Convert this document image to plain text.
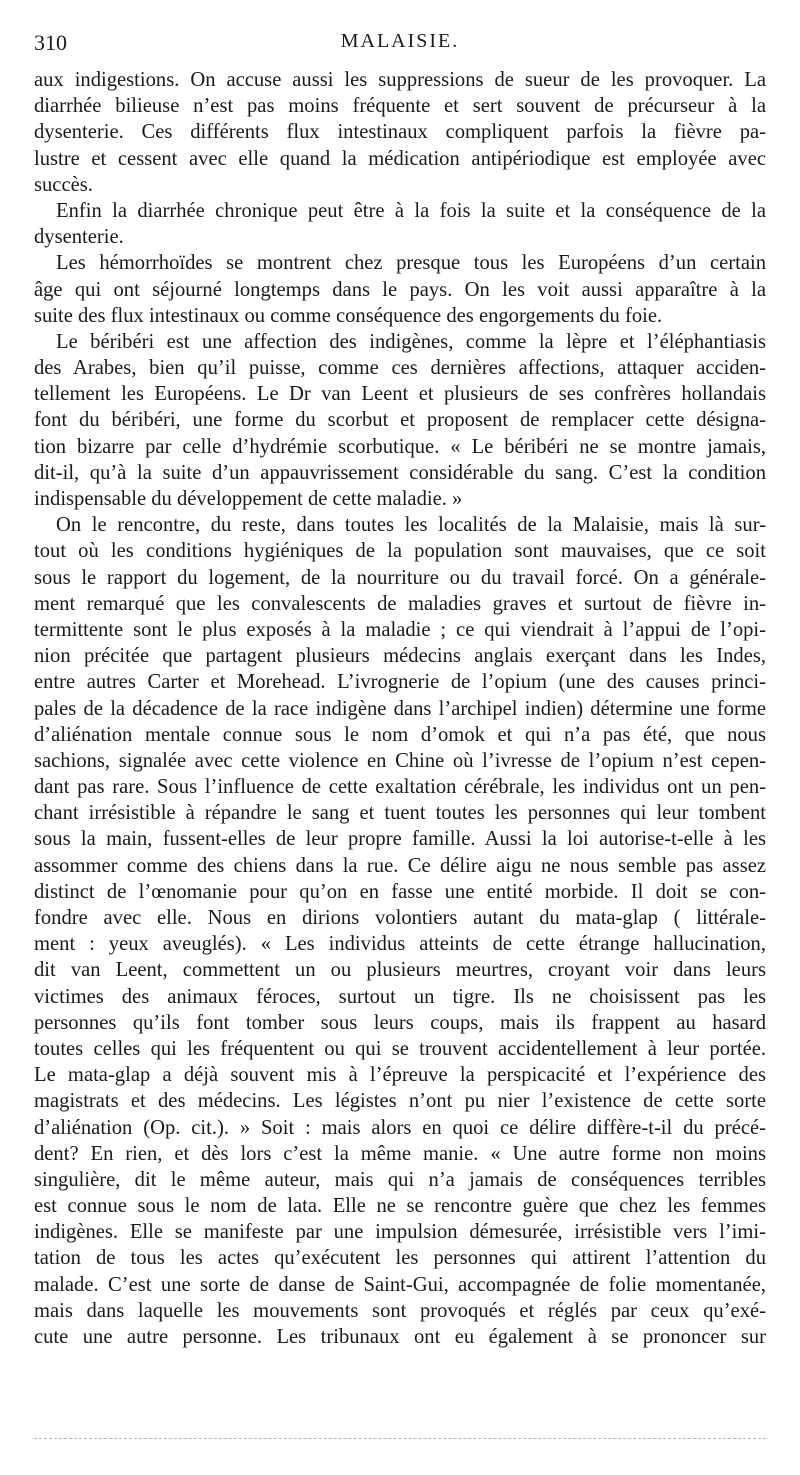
310	MALAISIE.
aux indigestions. On accuse aussi les suppressions de sueur de les provoquer. La
diarrhée bilieuse n’est pas moins fréquente et sert souvent de précurseur à la
dysenterie. Ces différents flux intestinaux compliquent parfois la fièvre pa-
lustre et cessent avec elle quand la médication antipériodique est employée avec
succès.
Enfin la diarrhée chronique peut être à la fois la suite et la conséquence de la
dysenterie.
Les hémorrhoïdes se montrent chez presque tous les Européens d’un certain
âge qui ont séjourné longtemps dans le pays. On les voit aussi apparaître à la
suite des flux intestinaux ou comme conséquence des engorgements du foie.
Le béribéri est une affection des indigènes, comme la lèpre et l’éléphantiasis
des Arabes, bien qu’il puisse, comme ces dernières affections, attaquer acciden-
tellement les Européens. Le Dr van Leent et plusieurs de ses confrères hollandais
font du béribéri, une forme du scorbut et proposent de remplacer cette désigna-
tion bizarre par celle d’hydrémie scorbutique. « Le béribéri ne se montre jamais,
dit-il, qu’à la suite d’un appauvrissement considérable du sang. C’est la condition
indispensable du développement de cette maladie. »
On le rencontre, du reste, dans toutes les localités de la Malaisie, mais là sur-
tout où les conditions hygiéniques de la population sont mauvaises, que ce soit
sous le rapport du logement, de la nourriture ou du travail forcé. On a générale-
ment remarqué que les convalescents de maladies graves et surtout de fièvre in-
termittente sont le plus exposés à la maladie ; ce qui viendrait à l’appui de l’opi-
nion précitée que partagent plusieurs médecins anglais exerçant dans les Indes,
entre autres Carter et Morehead. L’ivrognerie de l’opium (une des causes princi-
pales de la décadence de la race indigène dans l’archipel indien) détermine une forme
d’aliénation mentale connue sous le nom d’omok et qui n’a pas été, que nous
sachions, signalée avec cette violence en Chine où l’ivresse de l’opium n’est cepen-
dant pas rare. Sous l’influence de cette exaltation cérébrale, les individus ont un pen-
chant irrésistible à répandre le sang et tuent toutes les personnes qui leur tombent
sous la main, fussent-elles de leur propre famille. Aussi la loi autorise-t-elle à les
assommer comme des chiens dans la rue. Ce délire aigu ne nous semble pas assez
distinct de l’œnomanie pour qu’on en fasse une entité morbide. Il doit se con-
fondre avec elle. Nous en dirions volontiers autant du mata-glap ( littérale-
ment : yeux aveuglés). « Les individus atteints de cette étrange hallucination,
dit van Leent, commettent un ou plusieurs meurtres, croyant voir dans leurs
victimes des animaux féroces, surtout un tigre. Ils ne choisissent pas les
personnes qu’ils font tomber sous leurs coups, mais ils frappent au hasard
toutes celles qui les fréquentent ou qui se trouvent accidentellement à leur portée.
Le mata-glap a déjà souvent mis à l’épreuve la perspicacité et l’expérience des
magistrats et des médecins. Les légistes n’ont pu nier l’existence de cette sorte
d’aliénation (Op. cit.). » Soit : mais alors en quoi ce délire diffère-t-il du précé-
dent? En rien, et dès lors c’est la même manie. « Une autre forme non moins
singulière, dit le même auteur, mais qui n’a jamais de conséquences terribles
est connue sous le nom de lata. Elle ne se rencontre guère que chez les femmes
indigènes. Elle se manifeste par une impulsion démesurée, irrésistible vers l’imi-
tation de tous les actes qu’exécutent les personnes qui attirent l’attention du
malade. C’est une sorte de danse de Saint-Gui, accompagnée de folie momentanée,
mais dans laquelle les mouvements sont provoqués et réglés par ceux qu’exé-
cute une autre personne. Les tribunaux ont eu également à se prononcer sur
